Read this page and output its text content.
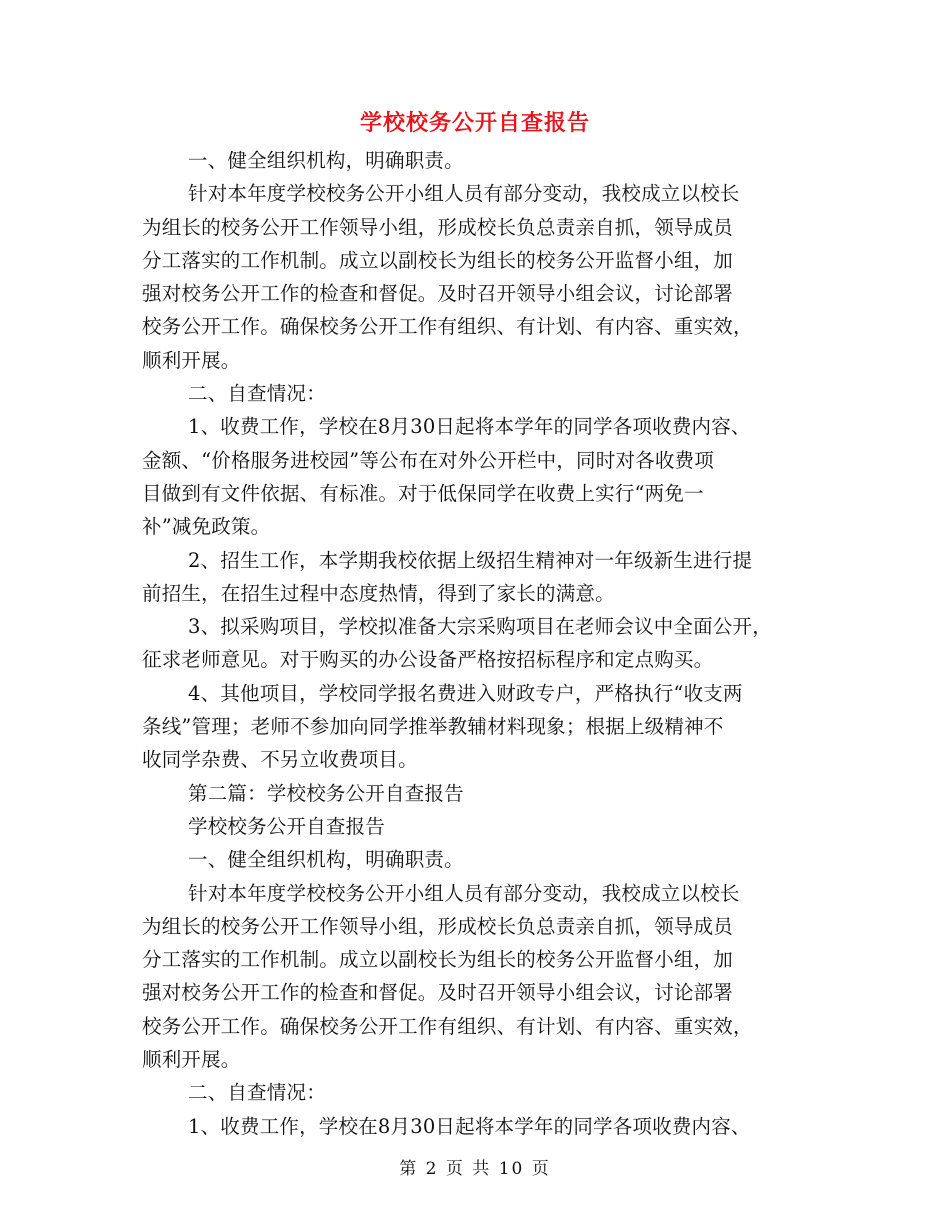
学校校务公开自查报告
一、健全组织机构，明确职责。
针对本年度学校校务公开小组人员有部分变动，我校成立以校长
为组长的校务公开工作领导小组，形成校长负总责亲自抓，领导成员
分工落实的工作机制。成立以副校长为组长的校务公开监督小组，加
强对校务公开工作的检查和督促。及时召开领导小组会议，讨论部署
校务公开工作。确保校务公开工作有组织、有计划、有内容、重实效，
顺利开展。
二、自查情况：
1、收费工作，学校在8月30日起将本学年的同学各项收费内容、
金额、“价格服务进校园”等公布在对外公开栏中，同时对各收费项
目做到有文件依据、有标准。对于低保同学在收费上实行“两免一
补”减免政策。
2、招生工作，本学期我校依据上级招生精神对一年级新生进行提
前招生，在招生过程中态度热情，得到了家长的满意。
3、拟采购项目，学校拟准备大宗采购项目在老师会议中全面公开，
征求老师意见。对于购买的办公设备严格按招标程序和定点购买。
4、其他项目，学校同学报名费进入财政专户，严格执行“收支两
条线”管理；老师不参加向同学推举教辅材料现象；根据上级精神不
收同学杂费、不另立收费项目。
第二篇：学校校务公开自查报告
学校校务公开自查报告
一、健全组织机构，明确职责。
针对本年度学校校务公开小组人员有部分变动，我校成立以校长
为组长的校务公开工作领导小组，形成校长负总责亲自抓，领导成员
分工落实的工作机制。成立以副校长为组长的校务公开监督小组，加
强对校务公开工作的检查和督促。及时召开领导小组会议，讨论部署
校务公开工作。确保校务公开工作有组织、有计划、有内容、重实效，
顺利开展。
二、自查情况：
1、收费工作，学校在8月30日起将本学年的同学各项收费内容、
第 2 页 共 10 页
